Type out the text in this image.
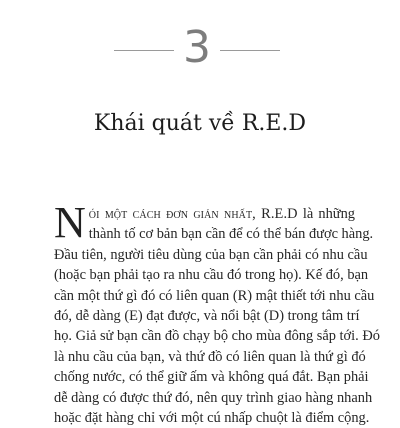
3
Khái quát về R.E.D
N ói một cách đơn giản nhất, R.E.D là những
thành tố cơ bản bạn cần để có thể bán được hàng.
Đầu tiên, người tiêu dùng của bạn cần phải có nhu cầu
(hoặc bạn phải tạo ra nhu cầu đó trong họ). Kế đó, bạn
cần một thứ gì đó có liên quan (R) mật thiết tới nhu cầu
đó, dễ dàng (E) đạt được, và nổi bật (D) trong tâm trí
họ. Giả sử bạn cần đồ chạy bộ cho mùa đông sắp tới. Đó
là nhu cầu của bạn, và thứ đồ có liên quan là thứ gì đó
chống nước, có thể giữ ấm và không quá đắt. Bạn phải
dễ dàng có được thứ đó, nên quy trình giao hàng nhanh
hoặc đặt hàng chỉ với một cú nhấp chuột là điểm cộng.
